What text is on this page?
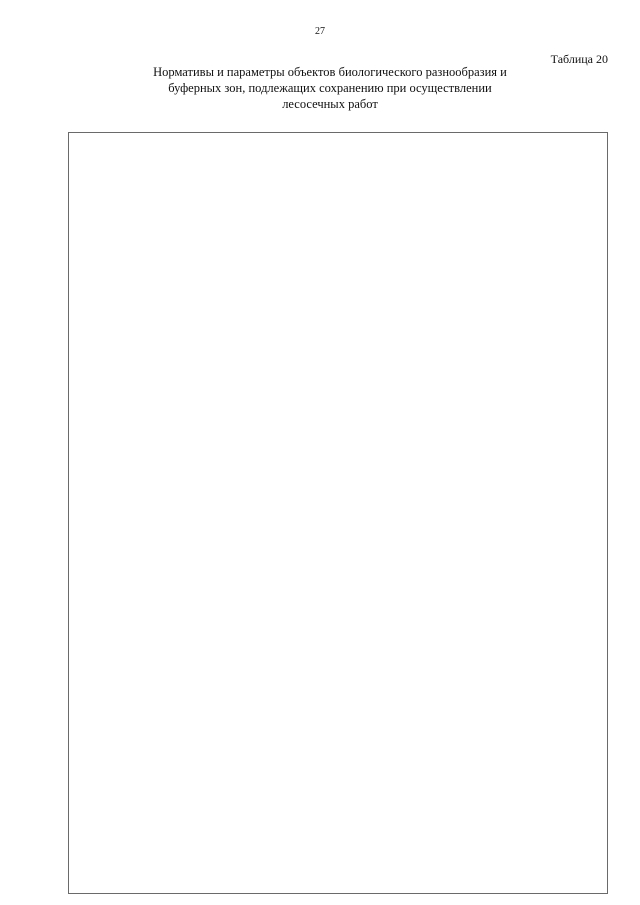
27
Таблица 20
Нормативы и параметры объектов биологического разнообразия и буферных зон, подлежащих сохранению при осуществлении лесосечных работ
